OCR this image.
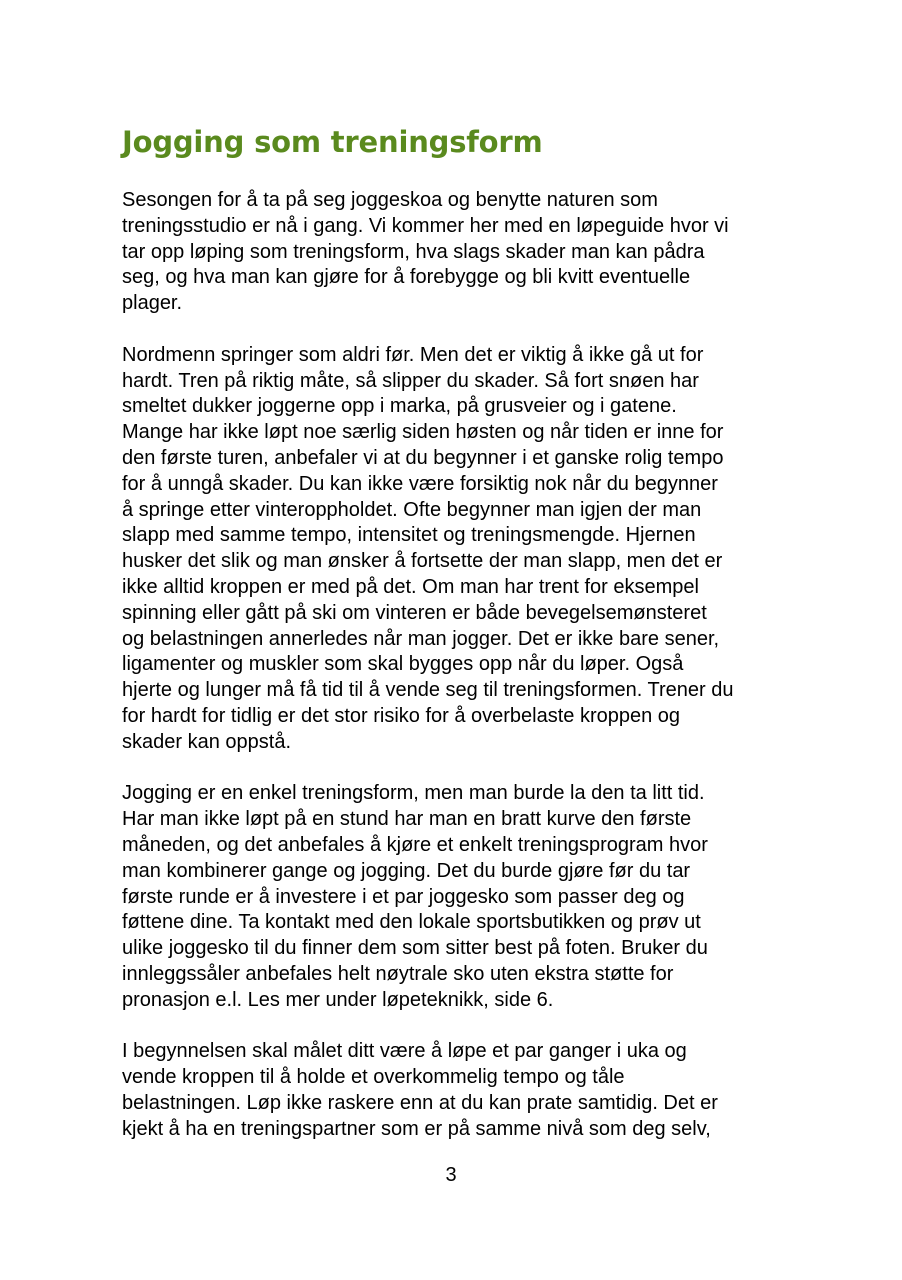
Jogging som treningsform

Sesongen for å ta på seg joggeskoa og benytte naturen som
treningsstudio er nå i gang. Vi kommer her med en løpeguide hvor vi
tar opp løping som treningsform, hva slags skader man kan pådra
seg, og hva man kan gjøre for å forebygge og bli kvitt eventuelle
plager.

Nordmenn springer som aldri før. Men det er viktig å ikke gå ut for
hardt. Tren på riktig måte, så slipper du skader. Så fort snøen har
smeltet dukker joggerne opp i marka, på grusveier og i gatene.
Mange har ikke løpt noe særlig siden høsten og når tiden er inne for
den første turen, anbefaler vi at du begynner i et ganske rolig tempo
for å unngå skader. Du kan ikke være forsiktig nok når du begynner
å springe etter vinteroppholdet. Ofte begynner man igjen der man
slapp med samme tempo, intensitet og treningsmengde. Hjernen
husker det slik og man ønsker å fortsette der man slapp, men det er
ikke alltid kroppen er med på det. Om man har trent for eksempel
spinning eller gått på ski om vinteren er både bevegelsemønsteret
og belastningen annerledes når man jogger. Det er ikke bare sener,
ligamenter og muskler som skal bygges opp når du løper. Også
hjerte og lunger må få tid til å vende seg til treningsformen. Trener du
for hardt for tidlig er det stor risiko for å overbelaste kroppen og
skader kan oppstå.

Jogging er en enkel treningsform, men man burde la den ta litt tid.
Har man ikke løpt på en stund har man en bratt kurve den første
måneden, og det anbefales å kjøre et enkelt treningsprogram hvor
man kombinerer gange og jogging. Det du burde gjøre før du tar
første runde er å investere i et par joggesko som passer deg og
føttene dine. Ta kontakt med den lokale sportsbutikken og prøv ut
ulike joggesko til du finner dem som sitter best på foten. Bruker du
innleggssåler anbefales helt nøytrale sko uten ekstra støtte for
pronasjon e.l. Les mer under løpeteknikk, side 6.

I begynnelsen skal målet ditt være å løpe et par ganger i uka og
vende kroppen til å holde et overkommelig tempo og tåle
belastningen. Løp ikke raskere enn at du kan prate samtidig. Det er
kjekt å ha en treningspartner som er på samme nivå som deg selv,

3
